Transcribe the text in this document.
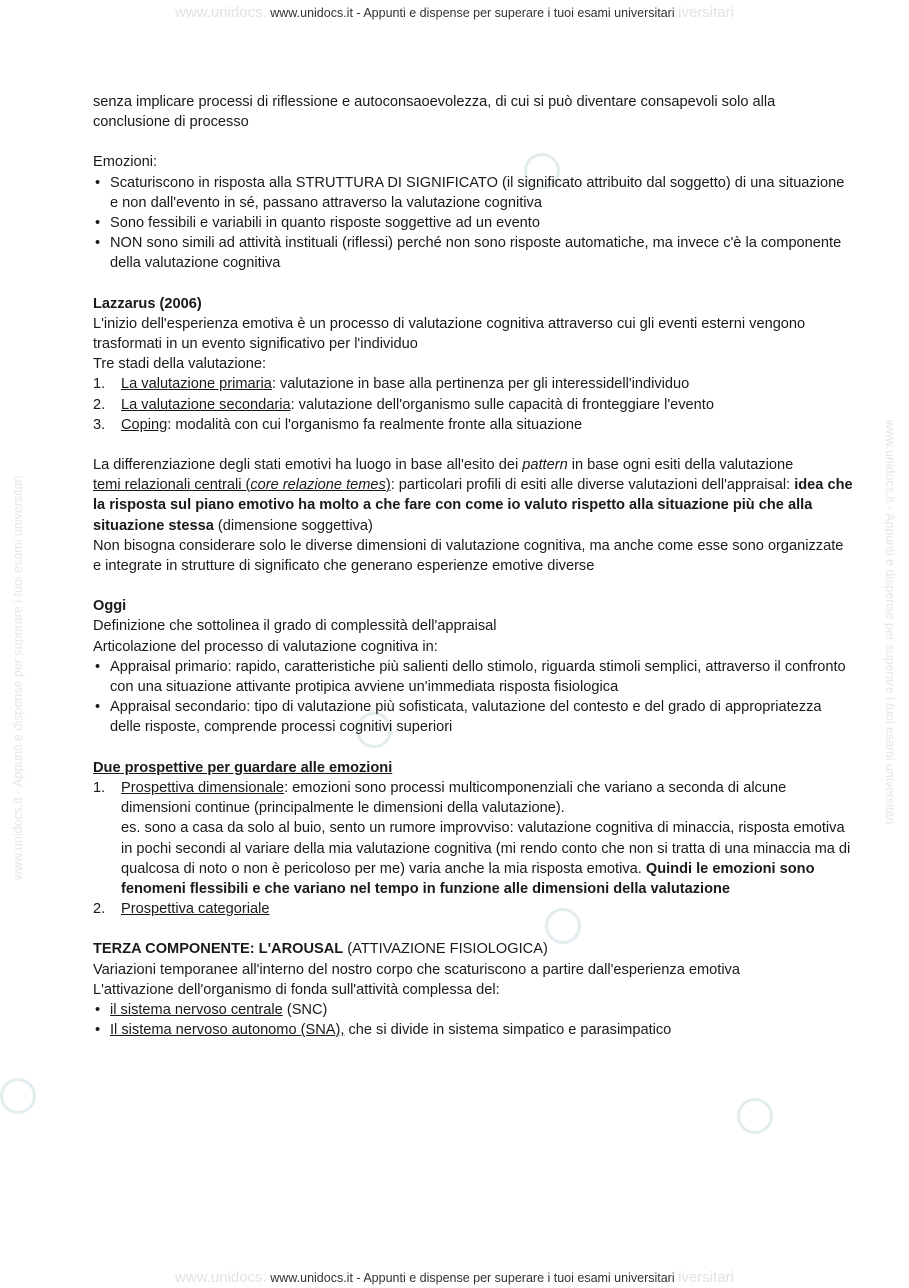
www.unidocs. www.unidocs.it - Appunti e dispense per superare i tuoi esami universitari iversitari
www.unidocs.it - Appunti e dispense per superare i tuoi esami universitari	www.unidocs.it - Appunti e dispense per superare i tuoi esami universitari

senza implicare processi di riflessione e autoconsaoevolezza, di cui si può diventare consapevoli solo alla conclusione di processo

Emozioni:

• Scaturiscono in risposta alla STRUTTURA DI SIGNIFICATO (il significato attribuito dal soggetto) di una situazione e non dall'evento in sé, passano attraverso la valutazione cognitiva
• Sono fessibili e variabili in quanto risposte soggettive ad un evento
• NON sono simili ad attività instituali (riflessi) perché non sono risposte automatiche, ma invece c'è la componente della valutazione cognitiva

Lazzarus (2006)

L'inizio dell'esperienza emotiva è un processo di valutazione cognitiva attraverso cui gli eventi esterni vengono trasformati in un evento significativo per l'individuo

Tre stadi della valutazione:

1. La valutazione primaria: valutazione in base alla pertinenza per gli interessidell'individuo
2. La valutazione secondaria: valutazione dell'organismo sulle capacità di fronteggiare l'evento
3. Coping: modalità con cui l'organismo fa realmente fronte alla situazione

La differenziazione degli stati emotivi ha luogo in base all'esito dei pattern in base ogni esiti della valutazione

temi relazionali centrali (core relazione temes): particolari profili di esiti alle diverse valutazioni dell'appraisal: idea che la risposta sul piano emotivo ha molto a che fare con come io valuto rispetto alla situazione più che alla situazione stessa (dimensione soggettiva)

Non bisogna considerare solo le diverse dimensioni di valutazione cognitiva, ma anche come esse sono organizzate e integrate in strutture di significato che generano esperienze emotive diverse

Oggi

Definizione che sottolinea il grado di complessità dell'appraisal

Articolazione del processo di valutazione cognitiva in:

• Appraisal primario: rapido, caratteristiche più salienti dello stimolo, riguarda stimoli semplici, attraverso il confronto con una situazione attivante protipica avviene un'immediata risposta fisiologica
• Appraisal secondario: tipo di valutazione più sofisticata, valutazione del contesto e del grado di appropriatezza delle risposte, comprende processi cognitivi superiori

Due prospettive per guardare alle emozioni

1. Prospettiva dimensionale: emozioni sono processi multicomponenziali che variano a seconda di alcune dimensioni continue (principalmente le dimensioni della valutazione).
es. sono a casa da solo al buio, sento un rumore improvviso: valutazione cognitiva di minaccia, risposta emotiva in pochi secondi al variare della mia valutazione cognitiva (mi rendo conto che non si tratta di una minaccia ma di qualcosa di noto o non è pericoloso per me) varia anche la mia risposta emotiva. Quindi le emozioni sono fenomeni flessibili e che variano nel tempo in funzione alle dimensioni della valutazione
2. Prospettiva categoriale

TERZA COMPONENTE: L'AROUSAL (ATTIVAZIONE FISIOLOGICA)

Variazioni temporanee all'interno del nostro corpo che scaturiscono a partire dall'esperienza emotiva

L'attivazione dell'organismo di fonda sull'attività complessa del:

• il sistema nervoso centrale (SNC)
• Il sistema nervoso autonomo (SNA), che si divide in sistema simpatico e parasimpatico
www.unidocs. www.unidocs.it - Appunti e dispense per superare i tuoi esami universitari iversitari
